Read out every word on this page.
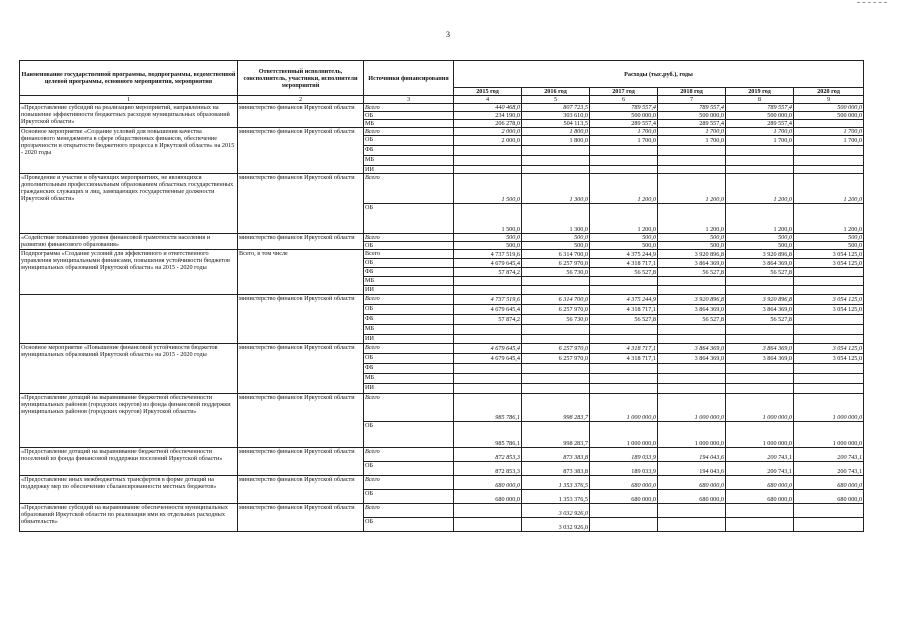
3
Наименование государственной программы, подпрограммы, ведомственной целевой программы, основного мероприятия, мероприятия	Ответственный исполнитель, соисполнитель, участники, исполнители мероприятий	Источники финансирования	Расходы (тыс.руб.), годы					
			2015 год	2016 год	2017 год	2018 год	2019 год	2020 год
1	2	3	4	5	6	7	8	9
«Предоставление субсидий на реализацию мероприятий, направленных на повышение эффективности бюджетных расходов муниципальных образований Иркутской области»	министерство финансов Иркутской области	Всего	440 468,0	807 723,5	789 557,4	789 557,4	789 557,4	500 000,0
		ОБ	234 190,0	303 610,0	500 000,0	500 000,0	500 000,0	500 000,0
		МБ	206 278,0	504 113,5	289 557,4	289 557,4	289 557,4	
Основное мероприятие «Создание условий для повышения качества финансового менеджмента в сфере общественных финансов, обеспечение прозрачности и открытости бюджетного процесса в Иркутской области» на 2015 - 2020 годы	министерство финансов Иркутской области	Всего	2 000,0	1 800,0	1 700,0	1 700,0	1 700,0	1 700,0
		ОБ	2 000,0	1 800,0	1 700,0	1 700,0	1 700,0	1 700,0
		ФБ						
		МБ						
		ИИ						
«Проведение и участие в обучающих мероприятиях, не являющихся дополнительным профессиональным образованием областных государственных гражданских служащих и лиц, замещающих государственные должности Иркутской области»	министерство финансов Иркутской области	Всего	1 500,0	1 300,0	1 200,0	1 200,0	1 200,0	1 200,0
		ОБ	1 500,0	1 300,0	1 200,0	1 200,0	1 200,0	1 200,0
«Содействие повышению уровня финансовой грамотности населения и развитию финансового образования»	министерство финансов Иркутской области	Всего	500,0	500,0	500,0	500,0	500,0	500,0
		ОБ	500,0	500,0	500,0	500,0	500,0	500,0
Подпрограмма «Создание условий для эффективного и ответственного управления муниципальными финансами, повышения устойчивости бюджетов муниципальных образований Иркутской области» на 2015 - 2020 годы	Всего, в том числе	Всего	4 737 519,6	6 314 700,0	4 375 244,9	3 920 896,8	3 920 896,8	3 054 125,0
		ОБ	4 679 645,4	6 257 970,0	4 318 717,1	3 864 369,0	3 864 369,0	3 054 125,0
		ФБ	57 874,2	56 730,0	56 527,8	56 527,8	56 527,8	
		МБ						
		ИИ						
	министерство финансов Иркутской области	Всего	4 737 519,6	6 314 700,0	4 375 244,9	3 920 896,8	3 920 896,8	3 054 125,0
		ОБ	4 679 645,4	6 257 970,0	4 318 717,1	3 864 369,0	3 864 369,0	3 054 125,0
		ФБ	57 874,2	56 730,0	56 527,8	56 527,8	56 527,8	
		МБ						
		ИИ						
Основное мероприятие «Повышение финансовой устойчивости бюджетов муниципальных образований Иркутской области» на 2015 - 2020 годы	министерство финансов Иркутской области	Всего	4 679 645,4	6 257 970,0	4 318 717,1	3 864 369,0	3 864 369,0	3 054 125,0
		ОБ	4 679 645,4	6 257 970,0	4 318 717,1	3 864 369,0	3 864 369,0	3 054 125,0
		ФБ						
		МБ						
		ИИ						
«Предоставление дотаций на выравнивание бюджетной обеспеченности муниципальных районов (городских округов) из фонда финансовой поддержки муниципальных районов (городских округов) Иркутской области»	министерство финансов Иркутской области	Всего	985 786,1	998 283,7	1 000 000,0	1 000 000,0	1 000 000,0	1 000 000,0
		ОБ	985 786,1	998 283,7	1 000 000,0	1 000 000,0	1 000 000,0	1 000 000,0
«Предоставление дотаций на выравнивание бюджетной обеспеченности поселений из фонда финансовой поддержки поселений Иркутской области»	министерство финансов Иркутской области	Всего	872 853,3	873 383,8	189 033,9	194 043,6	200 743,1	200 743,1
		ОБ	872 853,3	873 383,8	189 033,9	194 043,6	200 743,1	200 743,1
«Предоставление иных межбюджетных трансфертов в форме дотаций на поддержку мер по обеспечению сбалансированности местных бюджетов»	министерство финансов Иркутской области	Всего	680 000,0	1 353 376,5	680 000,0	680 000,0	680 000,0	680 000,0
		ОБ	680 000,0	1 353 376,5	680 000,0	680 000,0	680 000,0	680 000,0
«Предоставление субсидий на выравнивание обеспеченности муниципальных образований Иркутской области по реализации ими их отдельных расходных обязательств»	министерство финансов Иркутской области	Всего		3 032 926,0				
		ОБ		3 032 926,0				
